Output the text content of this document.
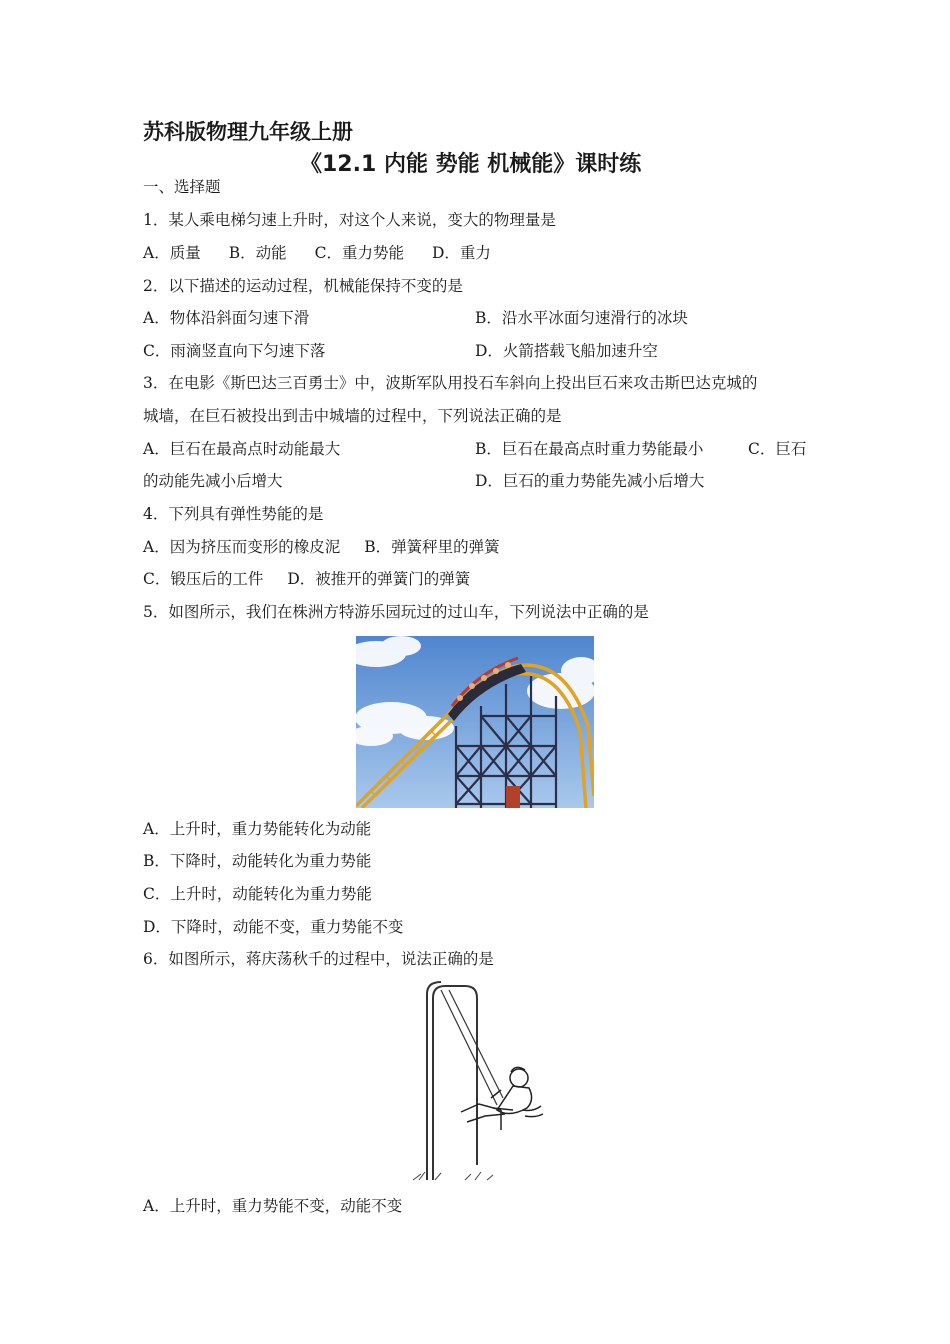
苏科版物理九年级上册
《12.1 内能 势能 机械能》课时练
一、选择题
1．某人乘电梯匀速上升时，对这个人来说，变大的物理量是
A．质量 B．动能 C．重力势能 D．重力
2．以下描述的运动过程，机械能保持不变的是
A．物体沿斜面匀速下滑	B．沿水平冰面匀速滑行的冰块
C．雨滴竖直向下匀速下落	D．火箭搭载飞船加速升空
3．在电影《斯巴达三百勇士》中，波斯军队用投石车斜向上投出巨石来攻击斯巴达克城的
城墙，在巨石被投出到击中城墙的过程中，下列说法正确的是
A．巨石在最高点时动能最大	B．巨石在最高点时重力势能最小	C．巨石
的动能先减小后增大	D．巨石的重力势能先减小后增大
4．下列具有弹性势能的是
A．因为挤压而变形的橡皮泥 B．弹簧秤里的弹簧
C．锻压后的工件 D．被推开的弹簧门的弹簧
5．如图所示，我们在株洲方特游乐园玩过的过山车，下列说法中正确的是
A．上升时，重力势能转化为动能
B．下降时，动能转化为重力势能
C．上升时，动能转化为重力势能
D．下降时，动能不变，重力势能不变
6．如图所示，蒋庆荡秋千的过程中，说法正确的是
A．上升时，重力势能不变，动能不变
